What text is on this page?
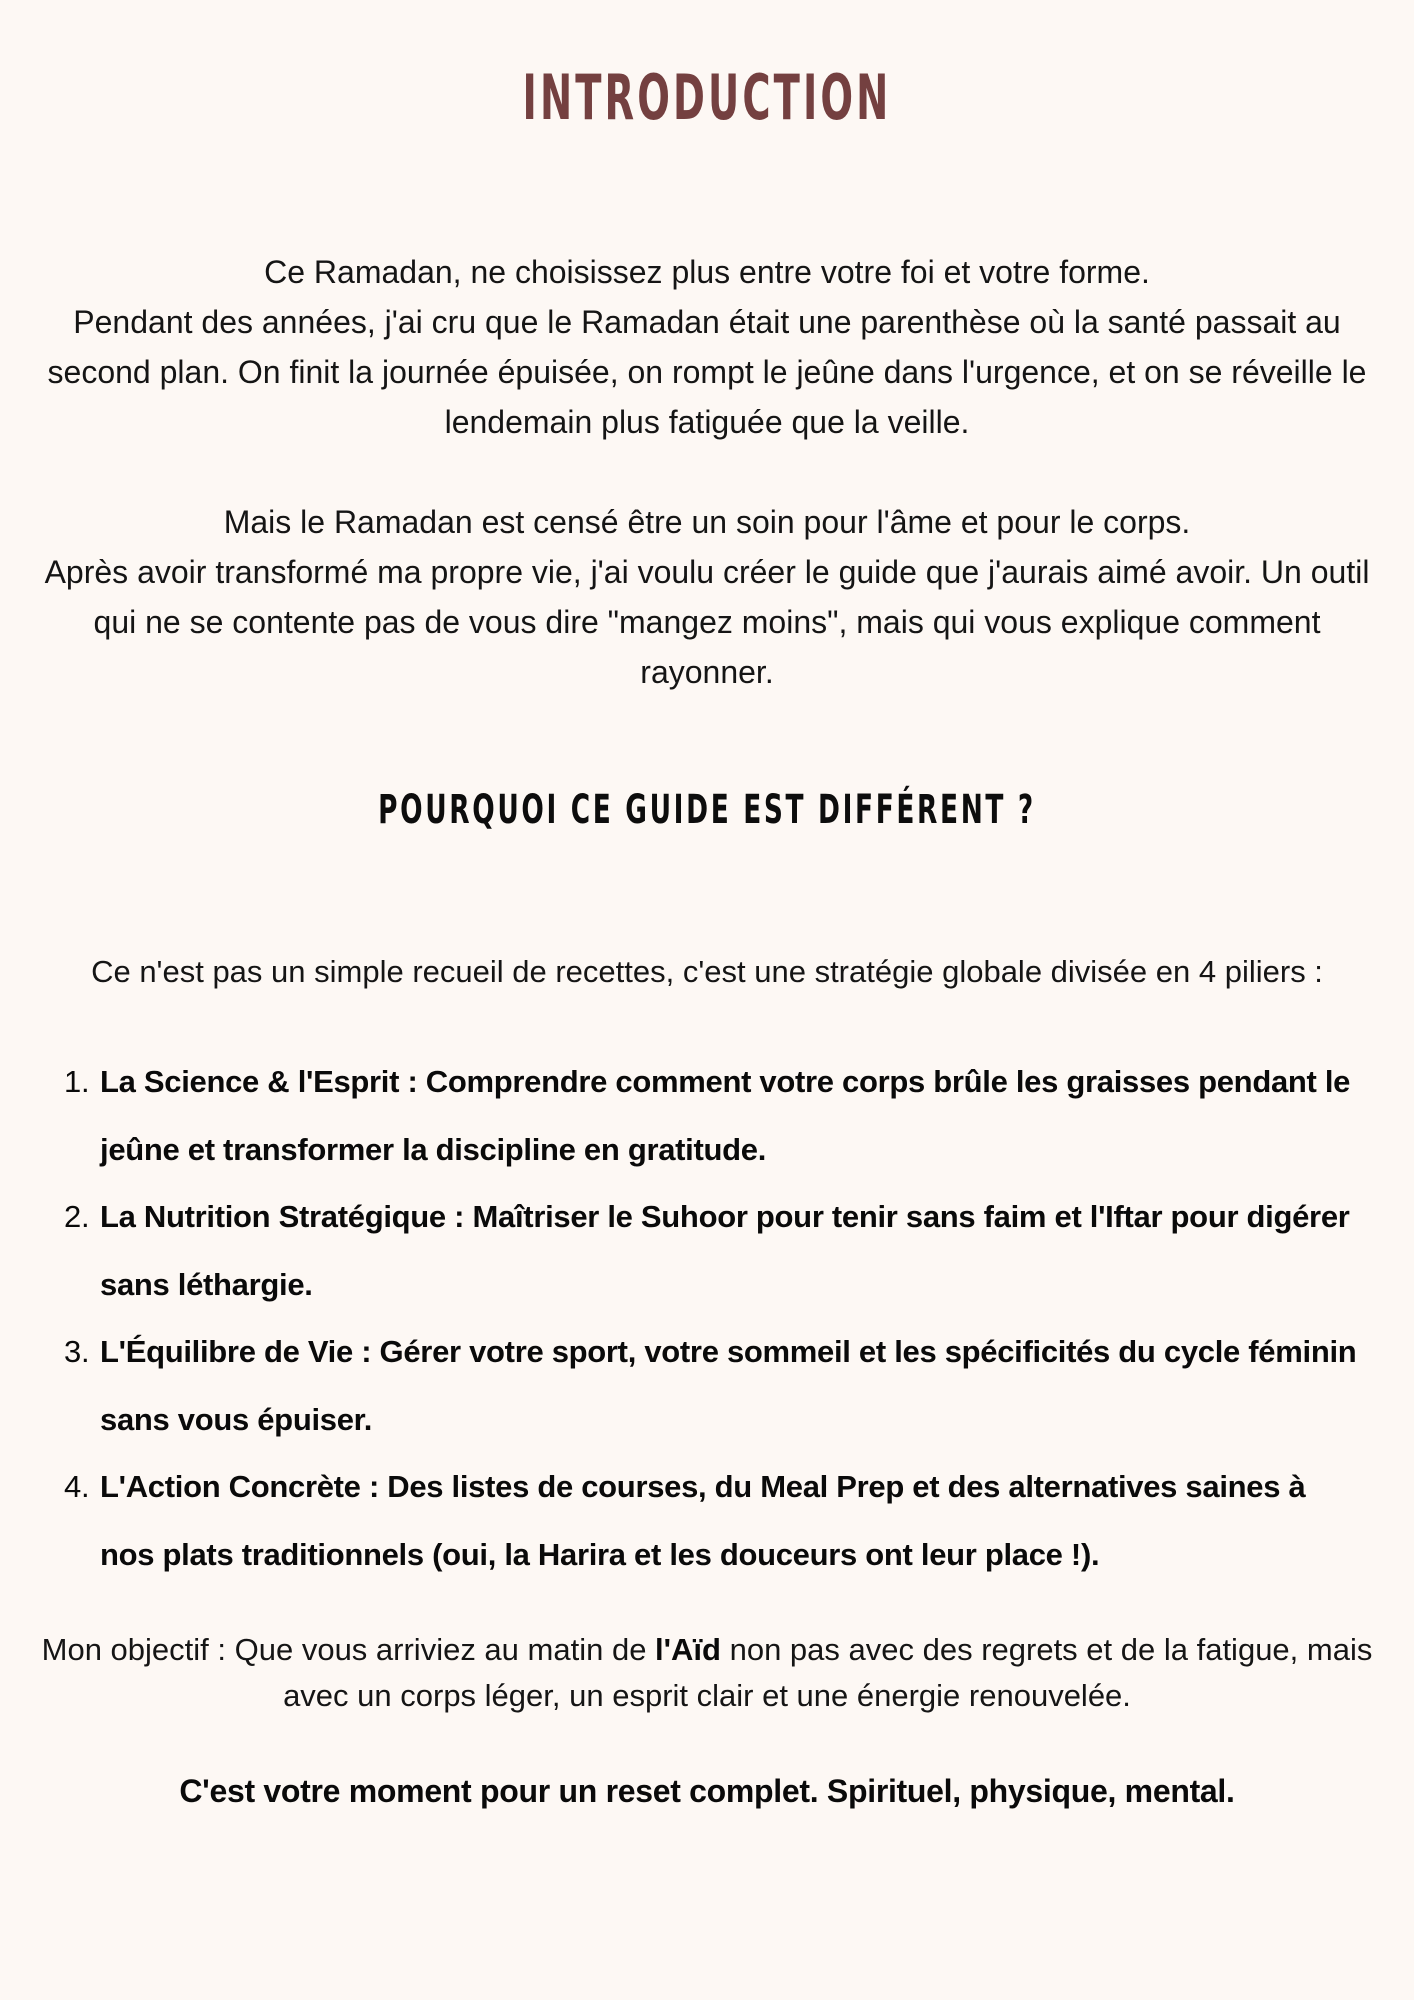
INTRODUCTION

Ce Ramadan, ne choisissez plus entre votre foi et votre forme.
Pendant des années, j'ai cru que le Ramadan était une parenthèse où la santé passait au second plan. On finit la journée épuisée, on rompt le jeûne dans l'urgence, et on se réveille le lendemain plus fatiguée que la veille.

Mais le Ramadan est censé être un soin pour l'âme et pour le corps.
Après avoir transformé ma propre vie, j'ai voulu créer le guide que j'aurais aimé avoir. Un outil qui ne se contente pas de vous dire "mangez moins", mais qui vous explique comment rayonner.

POURQUOI CE GUIDE EST DIFFÉRENT ?

Ce n'est pas un simple recueil de recettes, c'est une stratégie globale divisée en 4 piliers :

1. La Science & l'Esprit : Comprendre comment votre corps brûle les graisses pendant le jeûne et transformer la discipline en gratitude.
2. La Nutrition Stratégique : Maîtriser le Suhoor pour tenir sans faim et l'Iftar pour digérer sans léthargie.
3. L'Équilibre de Vie : Gérer votre sport, votre sommeil et les spécificités du cycle féminin sans vous épuiser.
4. L'Action Concrète : Des listes de courses, du Meal Prep et des alternatives saines à nos plats traditionnels (oui, la Harira et les douceurs ont leur place !).

Mon objectif : Que vous arriviez au matin de l'Aïd non pas avec des regrets et de la fatigue, mais avec un corps léger, un esprit clair et une énergie renouvelée.

C'est votre moment pour un reset complet. Spirituel, physique, mental.
